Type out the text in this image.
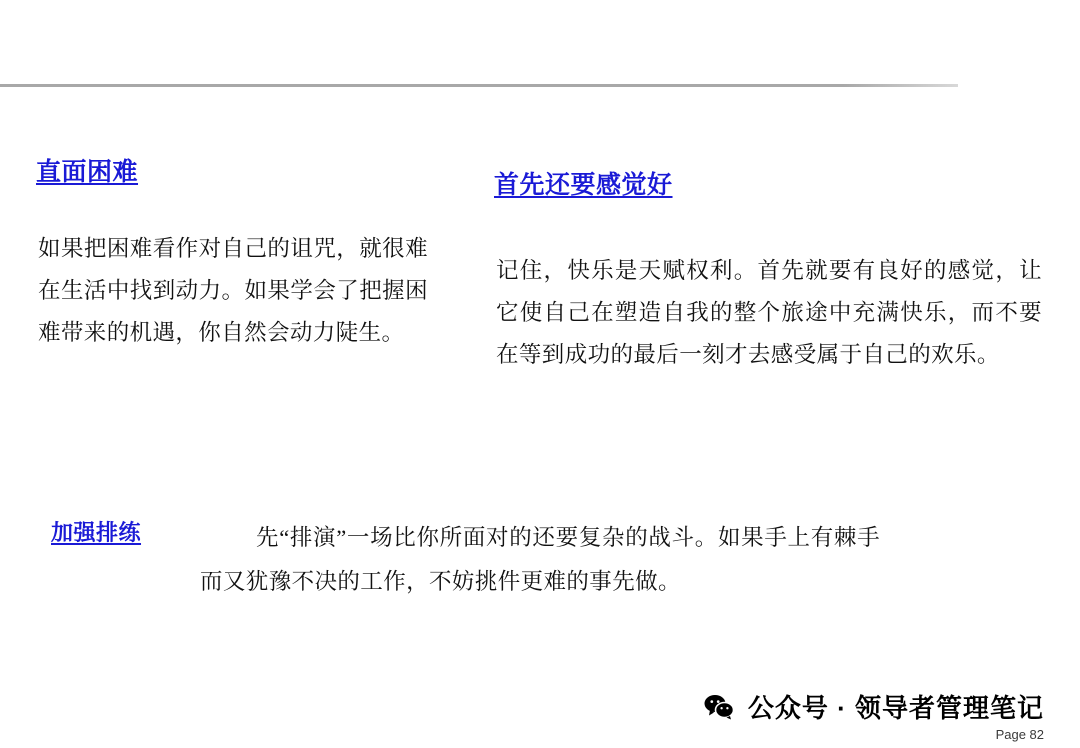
直面困难
如果把困难看作对自己的诅咒，就很难在生活中找到动力。如果学会了把握困难带来的机遇，你自然会动力陡生。
首先还要感觉好
记住，快乐是天赋权利。首先就要有良好的感觉，让它使自己在塑造自我的整个旅途中充满快乐，而不要在等到成功的最后一刻才去感受属于自己的欢乐。
加强排练	先“排演”一场比你所面对的还要复杂的战斗。如果手上有棘手而又犹豫不决的工作，不妨挑件更难的事先做。
公众号 · 领导者管理笔记
Page 82
